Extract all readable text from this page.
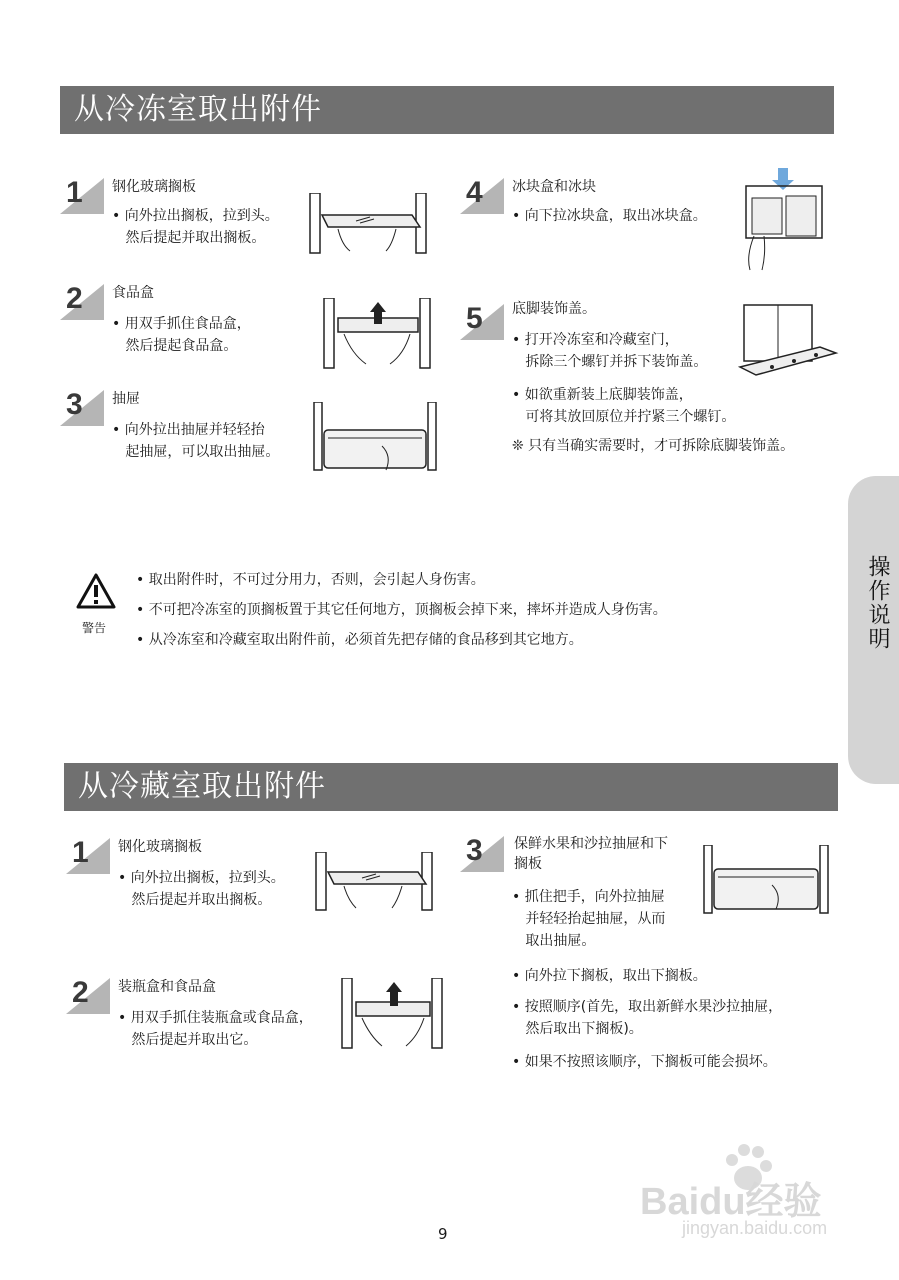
从冷冻室取出附件
1 钢化玻璃搁板
• 向外拉出搁板，拉到头。
然后提起并取出搁板。
2 食品盒
• 用双手抓住食品盒，
然后提起食品盒。
3 抽屉
• 向外拉出抽屉并轻轻抬
起抽屉，可以取出抽屉。
4 冰块盒和冰块
• 向下拉冰块盒，取出冰块盒。
5 底脚装饰盖。
• 打开冷冻室和冷藏室门，
拆除三个螺钉并拆下装饰盖。
• 如欲重新装上底脚装饰盖，
可将其放回原位并拧紧三个螺钉。
❊ 只有当确实需要时，才可拆除底脚装饰盖。
警告
• 取出附件时，不可过分用力，否则，会引起人身伤害。
• 不可把冷冻室的顶搁板置于其它任何地方，顶搁板会掉下来，摔坏并造成人身伤害。
• 从冷冻室和冷藏室取出附件前，必须首先把存储的食品移到其它地方。
从冷藏室取出附件
1 钢化玻璃搁板
• 向外拉出搁板，拉到头。
然后提起并取出搁板。
2 装瓶盒和食品盒
• 用双手抓住装瓶盒或食品盒，
然后提起并取出它。
3 保鲜水果和沙拉抽屉和下
搁板
• 抓住把手，向外拉抽屉
并轻轻抬起抽屉，从而
取出抽屉。
• 向外拉下搁板，取出下搁板。
• 按照顺序(首先，取出新鲜水果沙拉抽屉，
然后取出下搁板)。
• 如果不按照该顺序，下搁板可能会损坏。
操作说明
Baidu经验
jingyan.baidu.com
9
